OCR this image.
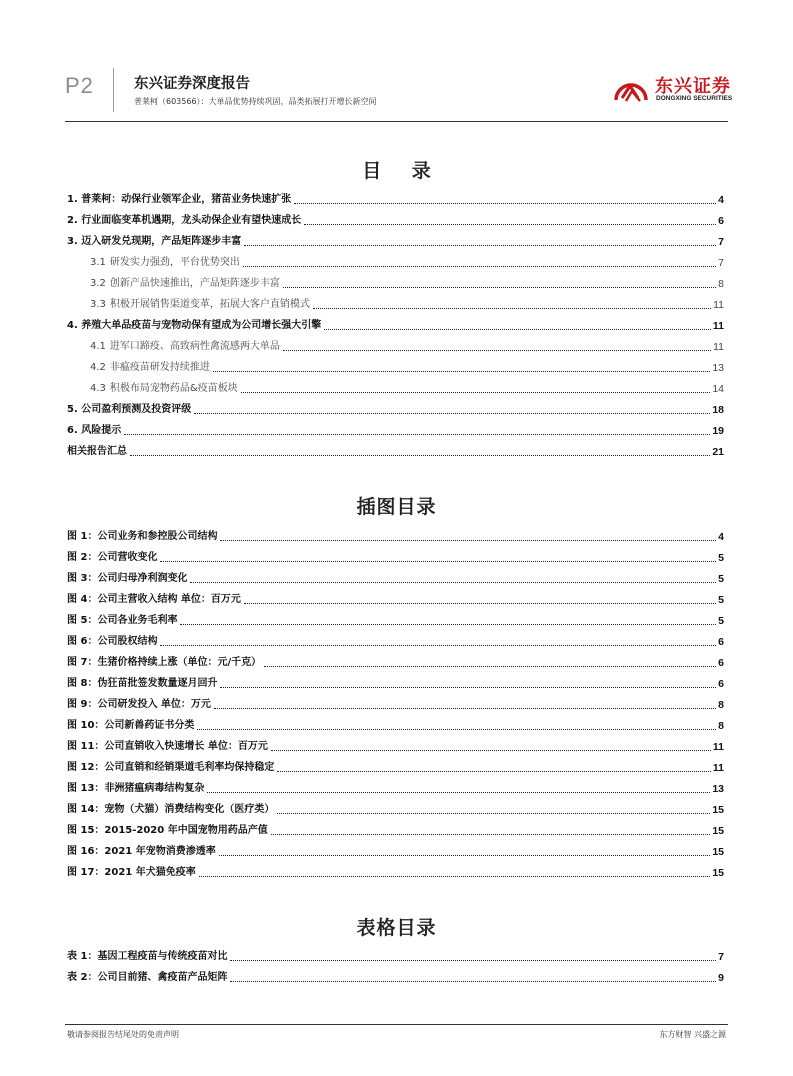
P2	东兴证券深度报告
普莱柯（603566）：大单品优势持续巩固，品类拓展打开增长新空间
东兴证券
DONGXING SECURITIES
目 录
1. 普莱柯：动保行业领军企业，猪苗业务快速扩张	4
2. 行业面临变革机遇期，龙头动保企业有望快速成长	6
3. 迈入研发兑现期，产品矩阵逐步丰富	7
3.1 研发实力强劲，平台优势突出	7
3.2 创新产品快速推出，产品矩阵逐步丰富	8
3.3 积极开展销售渠道变革，拓展大客户直销模式	11
4. 养殖大单品疫苗与宠物动保有望成为公司增长强大引擎	11
4.1 进军口蹄疫、高致病性禽流感两大单品	11
4.2 非瘟疫苗研发持续推进	13
4.3 积极布局宠物药品&疫苗板块	14
5. 公司盈利预测及投资评级	18
6. 风险提示	19
相关报告汇总	21
插图目录
图 1：公司业务和参控股公司结构	4
图 2：公司营收变化	5
图 3：公司归母净利润变化	5
图 4：公司主营收入结构 单位：百万元	5
图 5：公司各业务毛利率	5
图 6：公司股权结构	6
图 7：生猪价格持续上涨（单位：元/千克）	6
图 8：伪狂苗批签发数量逐月回升	6
图 9：公司研发投入 单位：万元	8
图 10：公司新兽药证书分类	8
图 11：公司直销收入快速增长 单位：百万元	11
图 12：公司直销和经销渠道毛利率均保持稳定	11
图 13：非洲猪瘟病毒结构复杂	13
图 14：宠物（犬猫）消费结构变化（医疗类）	15
图 15：2015-2020 年中国宠物用药品产值	15
图 16：2021 年宠物消费渗透率	15
图 17：2021 年犬猫免疫率	15
表格目录
表 1：基因工程疫苗与传统疫苗对比	7
表 2：公司目前猪、禽疫苗产品矩阵	9
敬请参阅报告结尾处的免责声明	东方财智 兴盛之源
